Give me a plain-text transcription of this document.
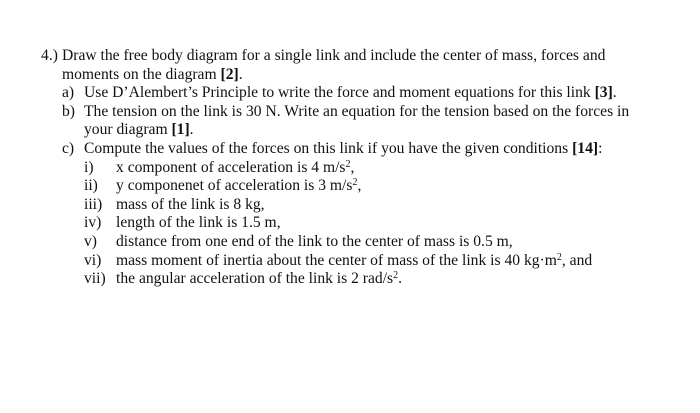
4.) Draw the free body diagram for a single link and include the center of mass, forces and
moments on the diagram [2].
a) Use D’Alembert’s Principle to write the force and moment equations for this link [3].
b) The tension on the link is 30 N. Write an equation for the tension based on the forces in
your diagram [1].
c) Compute the values of the forces on this link if you have the given conditions [14]:
i) x component of acceleration is 4 $m/s^2$,
ii) y componenet of acceleration is 3 $m/s^2$,
iii) mass of the link is 8 kg,
iv) length of the link is 1.5 m,
v) distance from one end of the link to the center of mass is 0.5 m,
vi) mass moment of inertia about the center of mass of the link is 40 $kg\cdot m^2$, and
vii) the angular acceleration of the link is 2 rad/$s^2$.
